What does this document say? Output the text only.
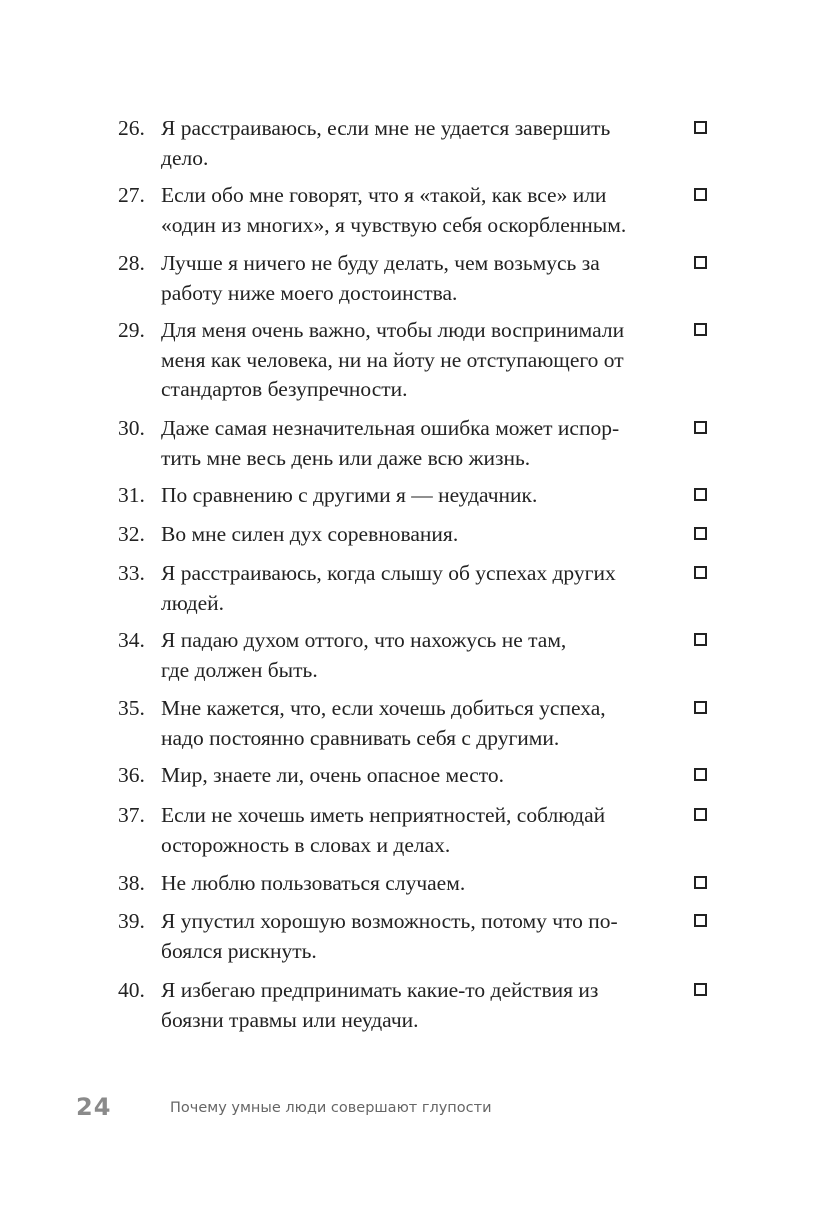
26. Я расстраиваюсь, если мне не удается завершить
дело.
27. Если обо мне говорят, что я «такой, как все» или
«один из многих», я чувствую себя оскорбленным.
28. Лучше я ничего не буду делать, чем возьмусь за
работу ниже моего достоинства.
29. Для меня очень важно, чтобы люди воспринимали
меня как человека, ни на йоту не отступающего от
стандартов безупречности.
30. Даже самая незначительная ошибка может испор-
тить мне весь день или даже всю жизнь.
31. По сравнению с другими я — неудачник.
32. Во мне силен дух соревнования.
33. Я расстраиваюсь, когда слышу об успехах других
людей.
34. Я падаю духом оттого, что нахожусь не там,
где должен быть.
35. Мне кажется, что, если хочешь добиться успеха,
надо постоянно сравнивать себя с другими.
36. Мир, знаете ли, очень опасное место.
37. Если не хочешь иметь неприятностей, соблюдай
осторожность в словах и делах.
38. Не люблю пользоваться случаем.
39. Я упустил хорошую возможность, потому что по-
боялся рискнуть.
40. Я избегаю предпринимать какие-то действия из
боязни травмы или неудачи.
24	Почему умные люди совершают глупости
